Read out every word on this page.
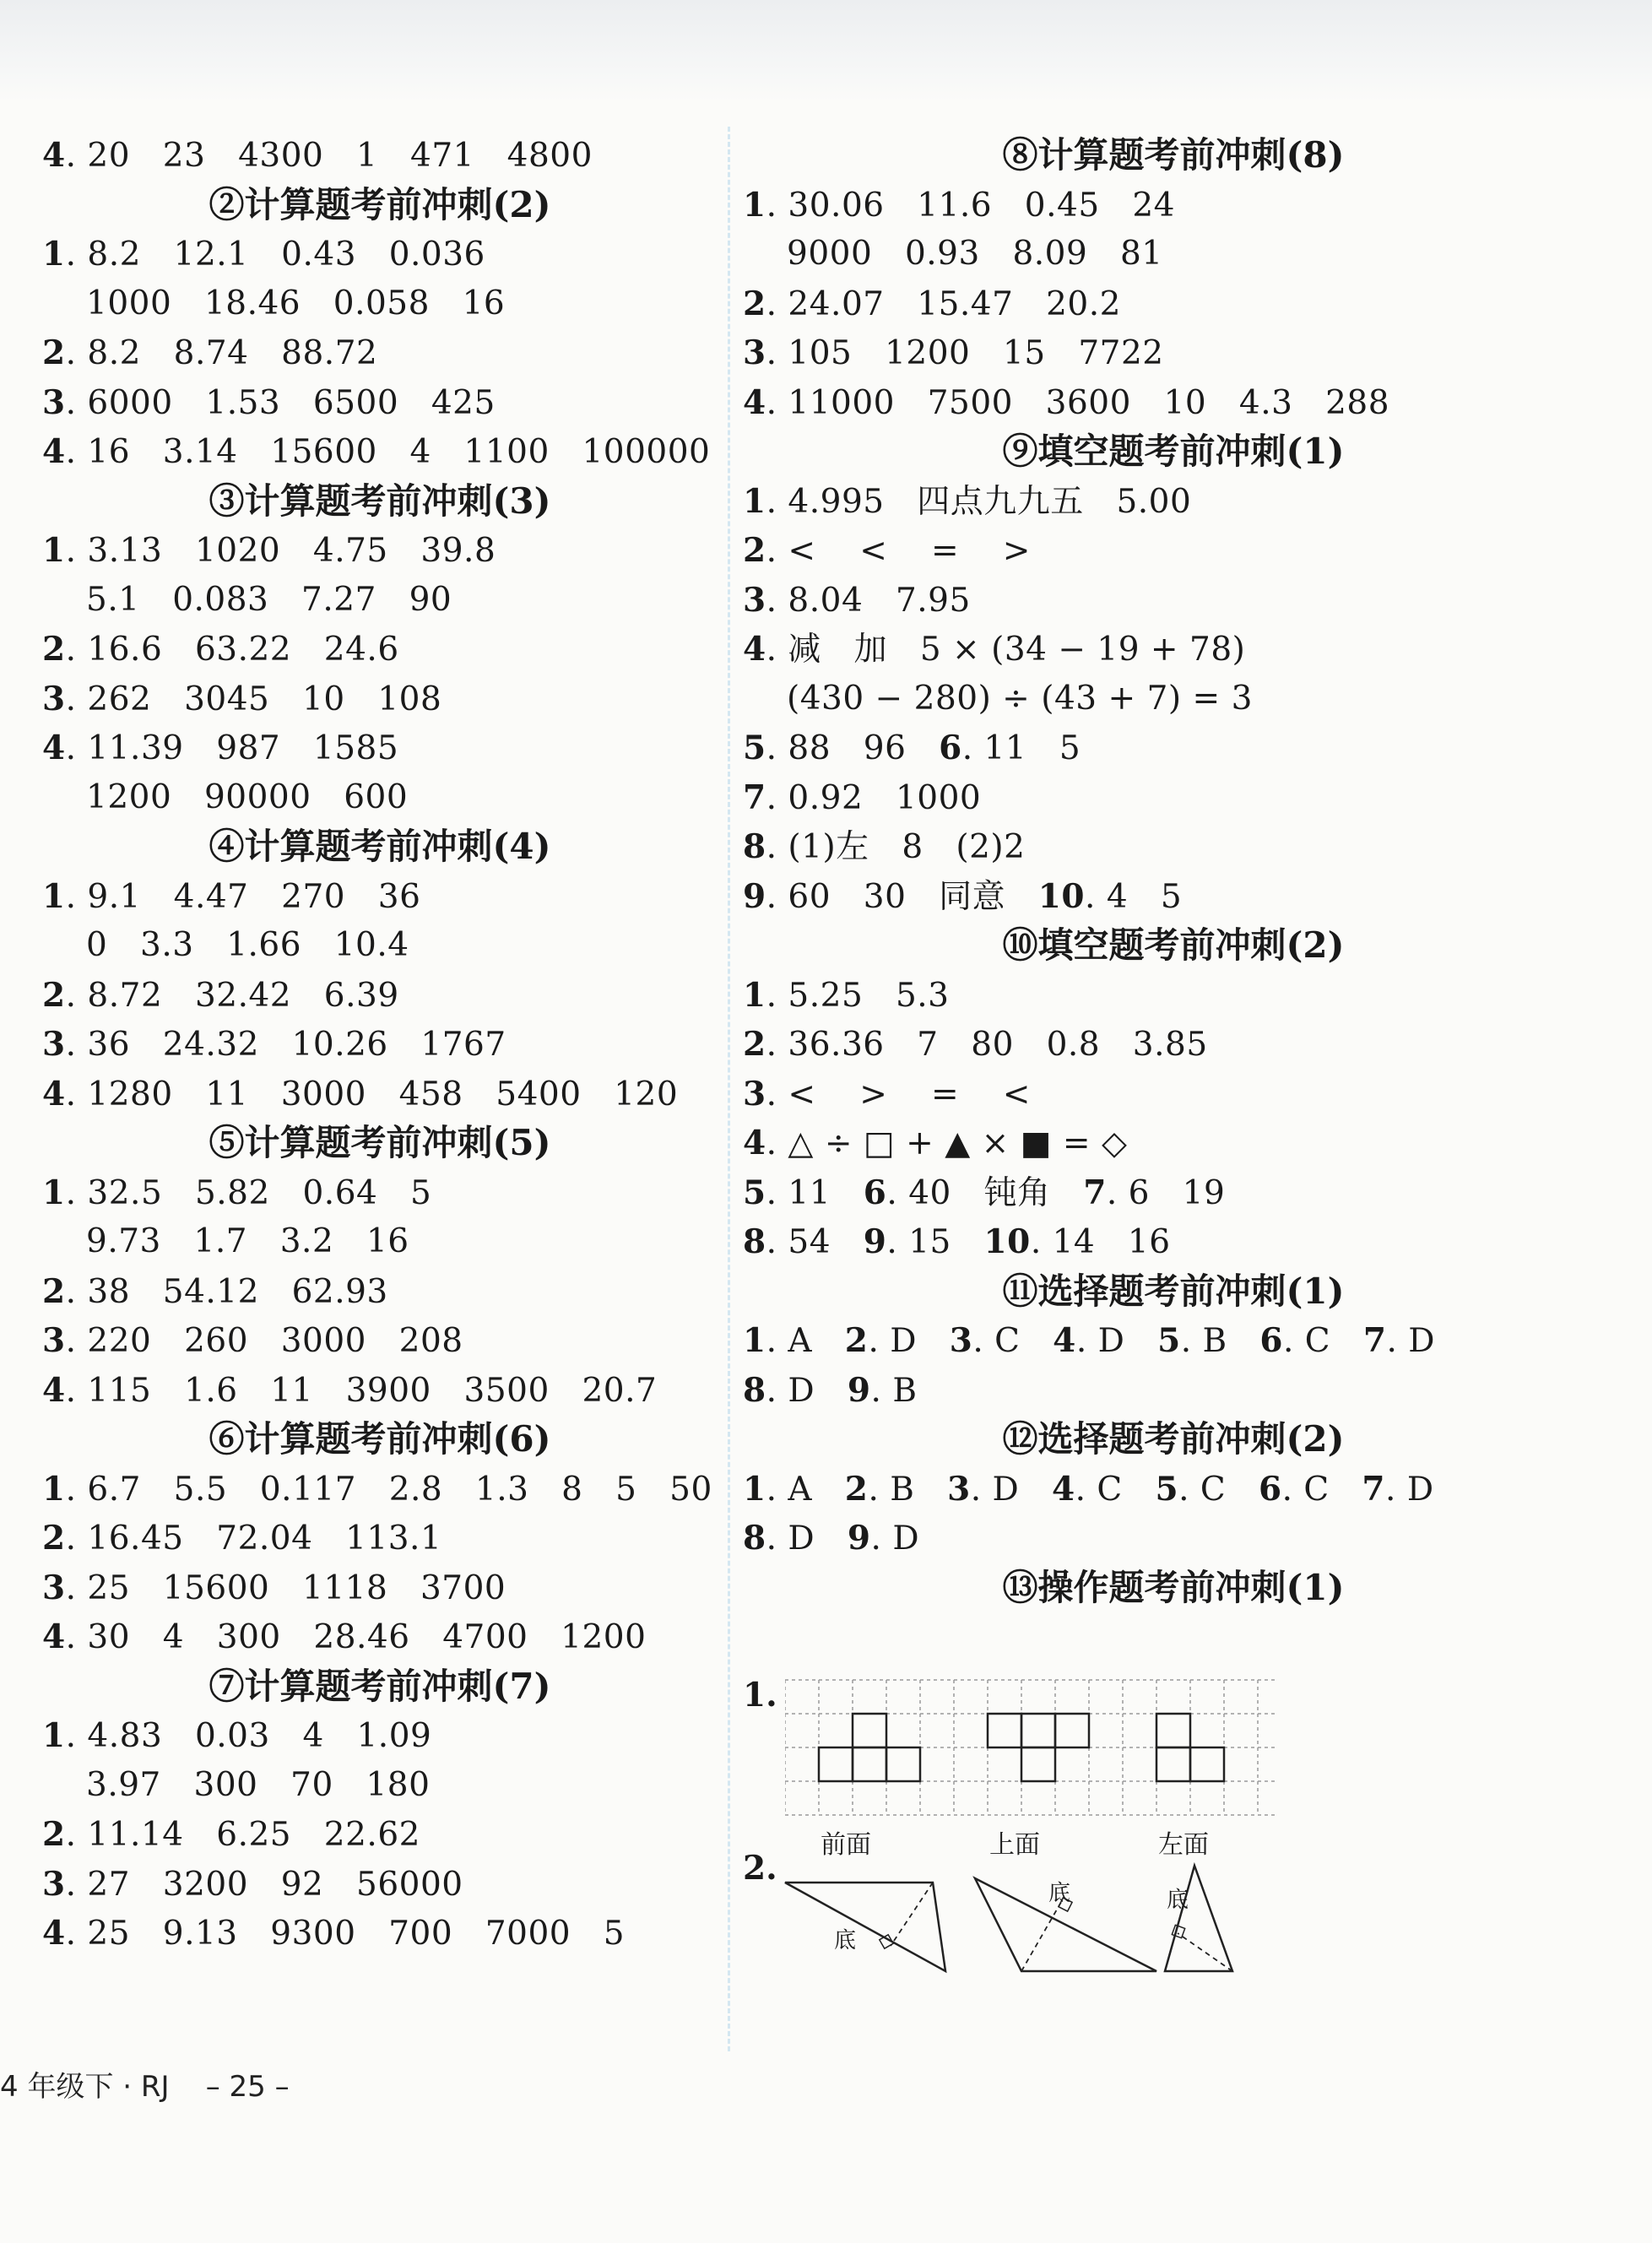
4. 20   23   4300   1   471   4800
②计算题考前冲刺(2)
1. 8.2   12.1   0.43   0.036
1000   18.46   0.058   16
2. 8.2   8.74   88.72
3. 6000   1.53   6500   425
4. 16   3.14   15600   4   1100   100000
③计算题考前冲刺(3)
1. 3.13   1020   4.75   39.8
5.1   0.083   7.27   90
2. 16.6   63.22   24.6
3. 262   3045   10   108
4. 11.39   987   1585
1200   90000   600
④计算题考前冲刺(4)
1. 9.1   4.47   270   36
0   3.3   1.66   10.4
2. 8.72   32.42   6.39
3. 36   24.32   10.26   1767
4. 1280   11   3000   458   5400   120
⑤计算题考前冲刺(5)
1. 32.5   5.82   0.64   5
9.73   1.7   3.2   16
2. 38   54.12   62.93
3. 220   260   3000   208
4. 115   1.6   11   3900   3500   20.7
⑥计算题考前冲刺(6)
1. 6.7   5.5   0.117   2.8   1.3   8   5   50
2. 16.45   72.04   113.1
3. 25   15600   1118   3700
4. 30   4   300   28.46   4700   1200
⑦计算题考前冲刺(7)
1. 4.83   0.03   4   1.09
3.97   300   70   180
2. 11.14   6.25   22.62
3. 27   3200   92   56000
4. 25   9.13   9300   700   7000   5
⑧计算题考前冲刺(8)
1. 30.06   11.6   0.45   24
9000   0.93   8.09   81
2. 24.07   15.47   20.2
3. 105   1200   15   7722
4. 11000   7500   3600   10   4.3   288
⑨填空题考前冲刺(1)
1. 4.995   四点九九五   5.00
2. <    <    =    >
3. 8.04   7.95
4. 减   加   5 × (34 − 19 + 78)
(430 − 280) ÷ (43 + 7) = 3
5. 88   96   6. 11   5
7. 0.92   1000
8. (1)左   8   (2)2
9. 60   30   同意   10. 4   5
⑩填空题考前冲刺(2)
1. 5.25   5.3
2. 36.36   7   80   0.8   3.85
3. <    >    =    <
4. △ ÷ □ + ▲ × ■ = ◇
5. 11   6. 40   钝角   7. 6   19
8. 54   9. 15   10. 14   16
⑪选择题考前冲刺(1)
1. A   2. D   3. C   4. D   5. B   6. C   7. D
8. D   9. B
⑫选择题考前冲刺(2)
1. A   2. B   3. D   4. C   5. C   6. C   7. D
8. D   9. D
⑬操作题考前冲刺(1)
1.
前面	上面	左面
2.
底
底	底
4 年级下 · RJ    – 25 –
